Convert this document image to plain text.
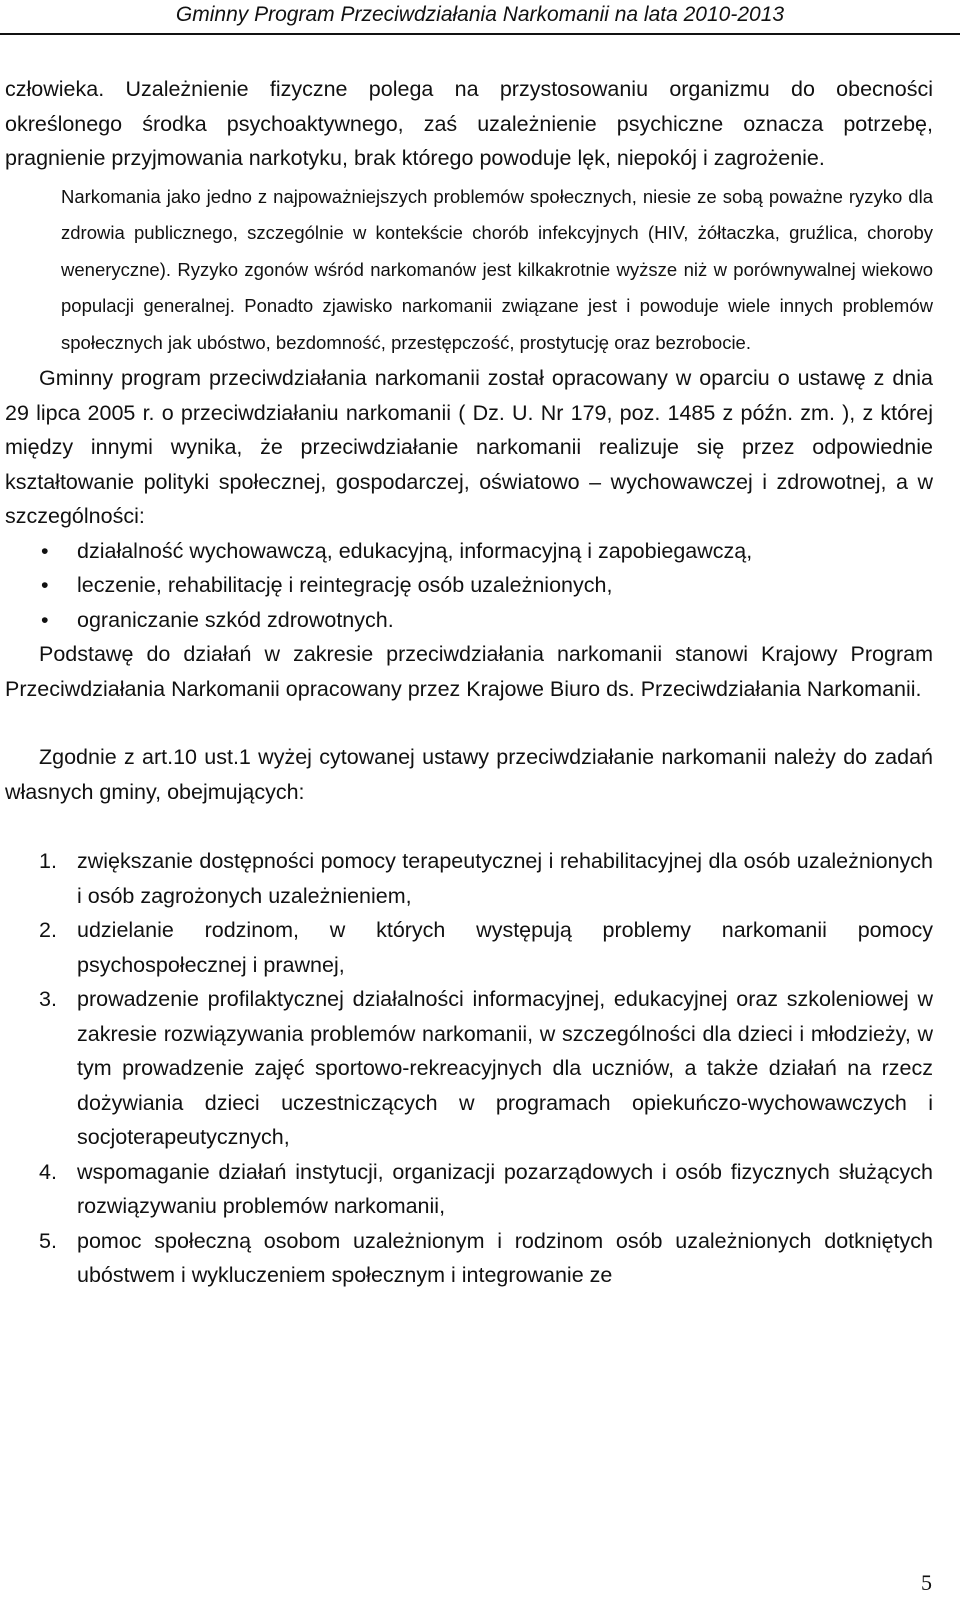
Gminny Program Przeciwdziałania Narkomanii na lata 2010-2013

człowieka. Uzależnienie fizyczne polega na przystosowaniu organizmu do obecności określonego środka psychoaktywnego, zaś uzależnienie psychiczne oznacza potrzebę, pragnienie przyjmowania narkotyku, brak którego powoduje lęk, niepokój i zagrożenie.

Narkomania jako jedno z najpoważniejszych problemów społecznych, niesie ze sobą poważne ryzyko dla zdrowia publicznego, szczególnie w kontekście chorób infekcyjnych (HIV, żółtaczka, gruźlica, choroby weneryczne). Ryzyko zgonów wśród narkomanów jest kilkakrotnie wyższe niż w porównywalnej wiekowo populacji generalnej. Ponadto zjawisko narkomanii związane jest i powoduje wiele innych problemów społecznych jak ubóstwo, bezdomność, przestępczość, prostytucję oraz bezrobocie.

Gminny program przeciwdziałania narkomanii został opracowany w oparciu o ustawę z dnia 29 lipca 2005 r. o przeciwdziałaniu narkomanii ( Dz. U. Nr 179, poz. 1485 z późn. zm. ), z której między innymi wynika, że przeciwdziałanie narkomanii realizuje się przez odpowiednie kształtowanie polityki społecznej, gospodarczej, oświatowo – wychowawczej i zdrowotnej, a w szczególności:

• działalność wychowawczą, edukacyjną, informacyjną i zapobiegawczą,
• leczenie, rehabilitację i reintegrację osób uzależnionych,
• ograniczanie szkód zdrowotnych.

Podstawę do działań w zakresie przeciwdziałania narkomanii stanowi Krajowy Program Przeciwdziałania Narkomanii opracowany przez Krajowe Biuro ds. Przeciwdziałania Narkomanii.

Zgodnie z art.10 ust.1 wyżej cytowanej ustawy przeciwdziałanie narkomanii należy do zadań własnych gminy, obejmujących:

1. zwiększanie dostępności pomocy terapeutycznej i rehabilitacyjnej dla osób uzależnionych i osób zagrożonych uzależnieniem,
2. udzielanie rodzinom, w których występują problemy narkomanii pomocy psychospołecznej i prawnej,
3. prowadzenie profilaktycznej działalności informacyjnej, edukacyjnej oraz szkoleniowej w zakresie rozwiązywania problemów narkomanii, w szczególności dla dzieci i młodzieży, w tym prowadzenie zajęć sportowo-rekreacyjnych dla uczniów, a także działań na rzecz dożywiania dzieci uczestniczących w programach opiekuńczo-wychowawczych i socjoterapeutycznych,
4. wspomaganie działań instytucji, organizacji pozarządowych i osób fizycznych służących rozwiązywaniu problemów narkomanii,
5. pomoc społeczną osobom uzależnionym i rodzinom osób uzależnionych dotkniętych ubóstwem i wykluczeniem społecznym i integrowanie ze
5
